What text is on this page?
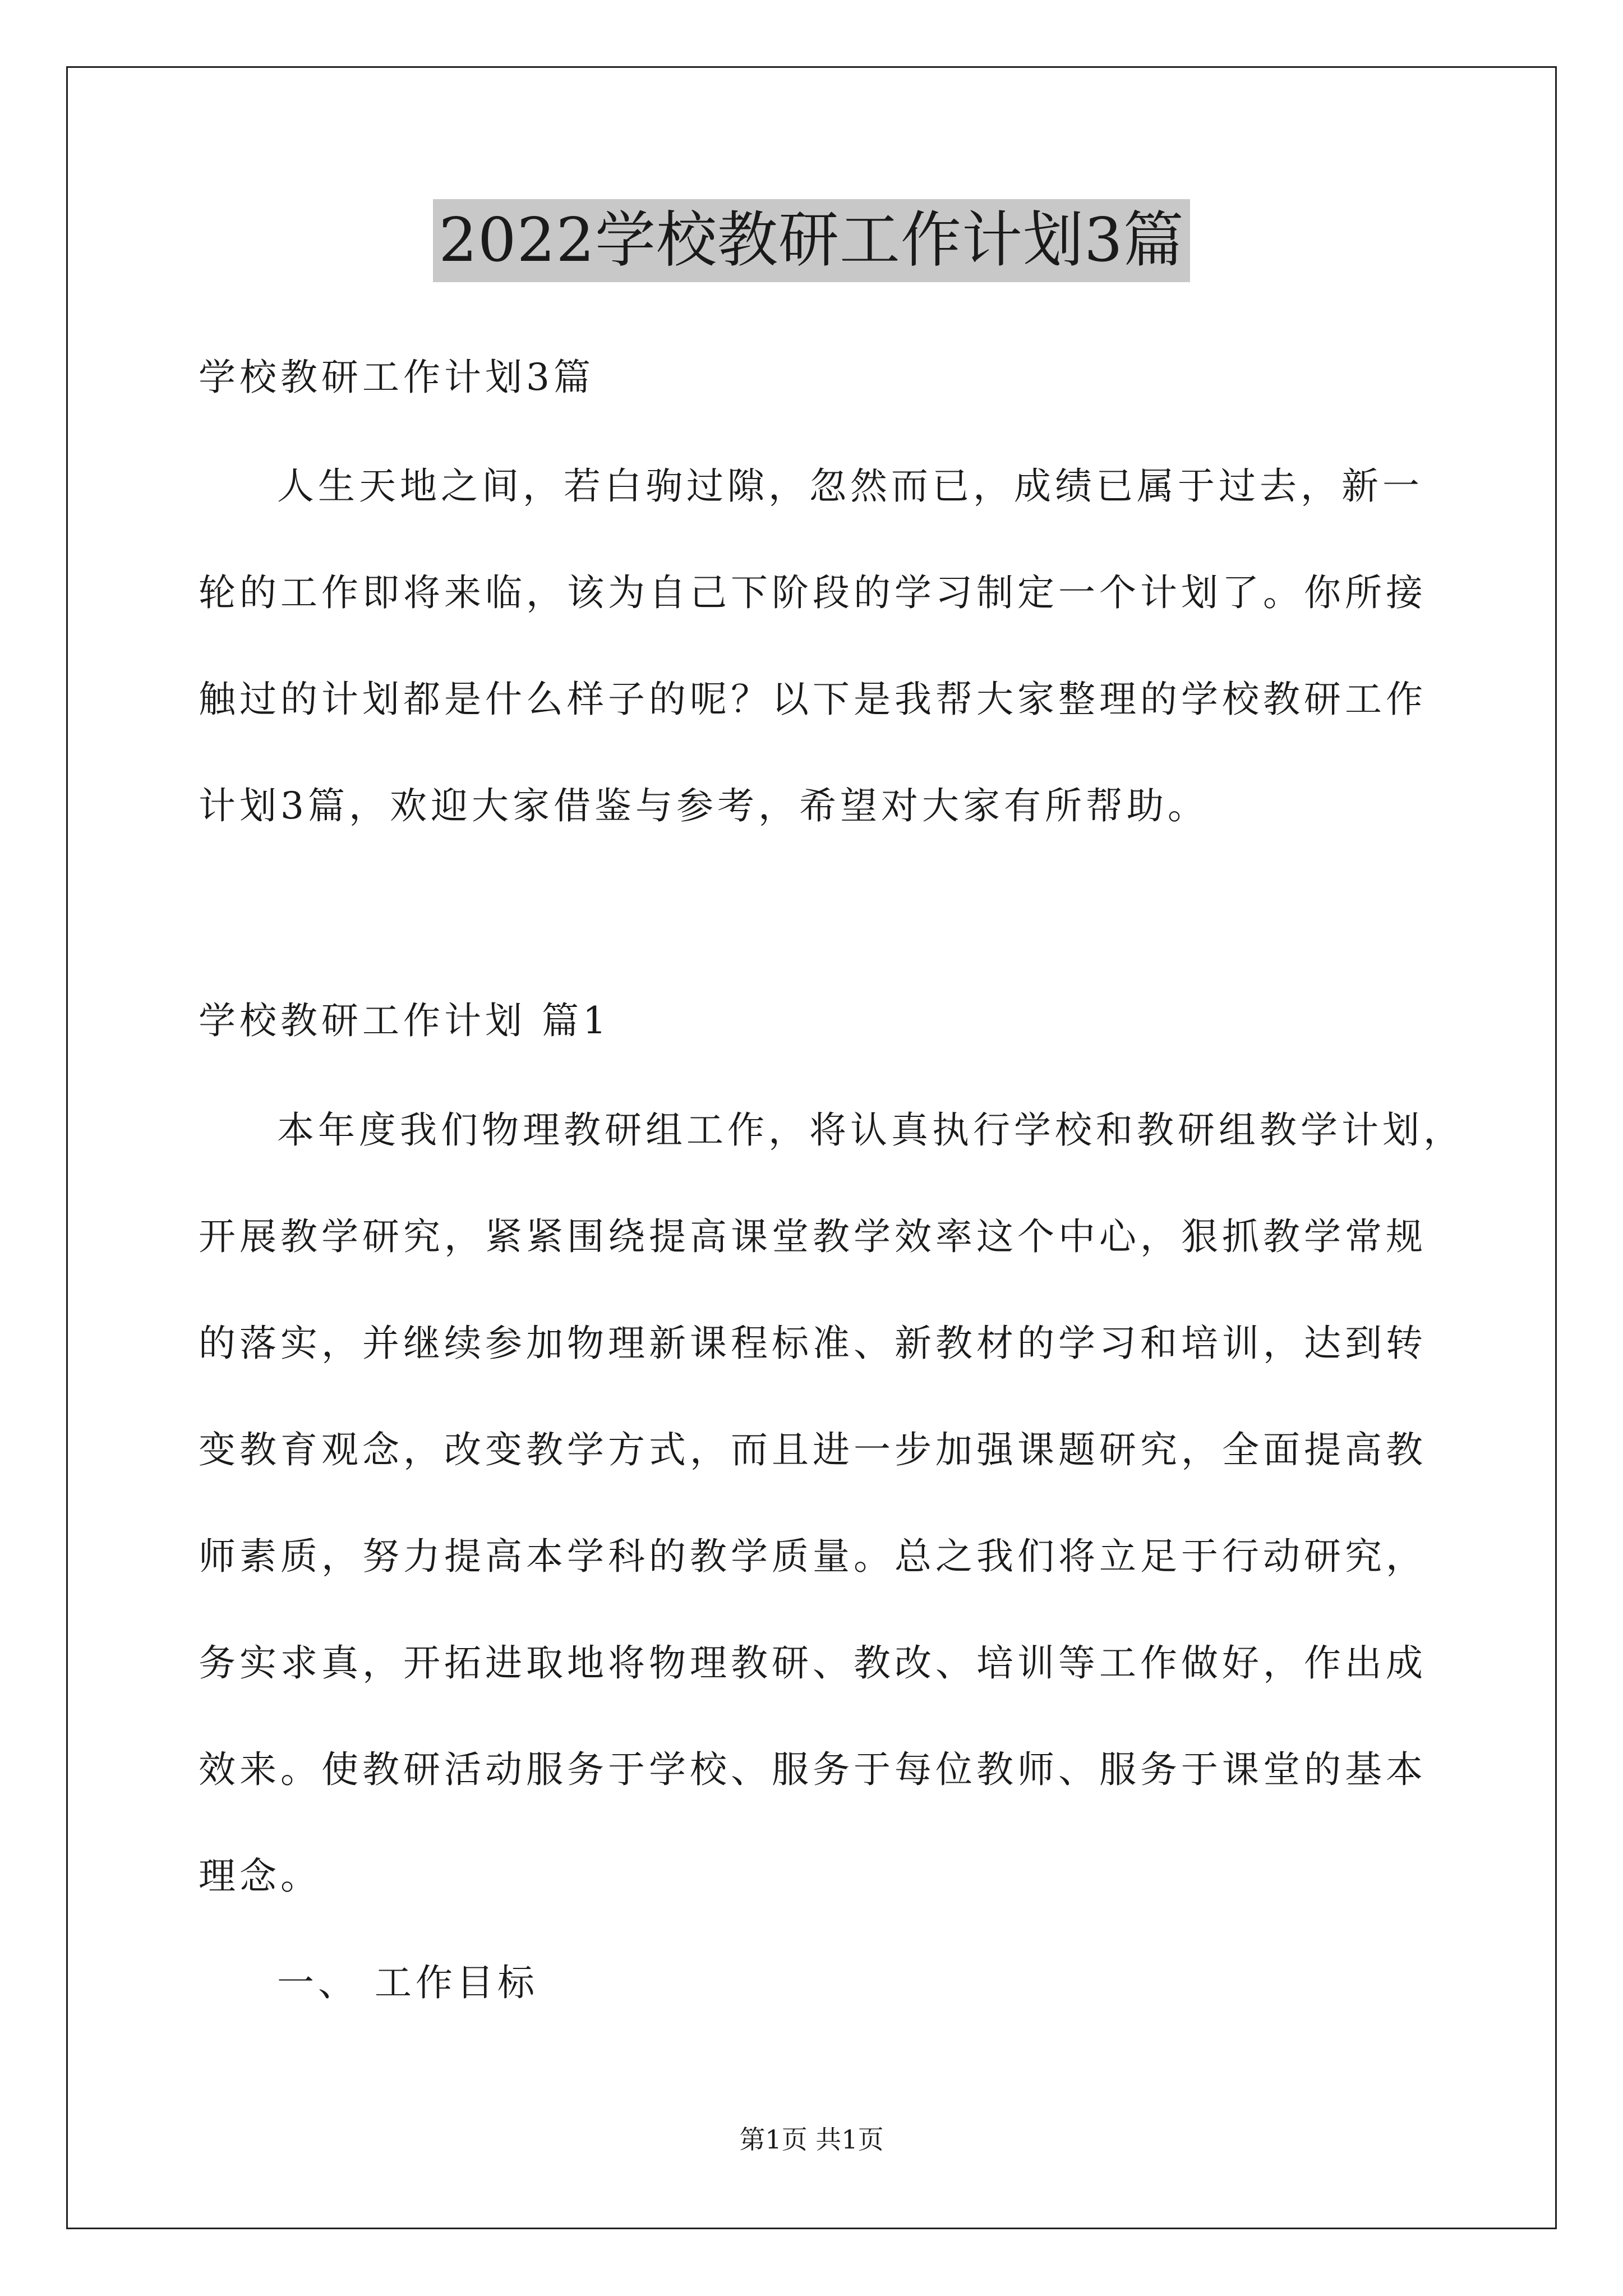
2022学校教研工作计划3篇
学校教研工作计划3篇
人生天地之间，若白驹过隙，忽然而已，成绩已属于过去，新一
轮的工作即将来临，该为自己下阶段的学习制定一个计划了。你所接
触过的计划都是什么样子的呢？以下是我帮大家整理的学校教研工作
计划3篇，欢迎大家借鉴与参考，希望对大家有所帮助。
学校教研工作计划 篇1
本年度我们物理教研组工作，将认真执行学校和教研组教学计划，
开展教学研究，紧紧围绕提高课堂教学效率这个中心，狠抓教学常规
的落实，并继续参加物理新课程标准、新教材的学习和培训，达到转
变教育观念，改变教学方式，而且进一步加强课题研究，全面提高教
师素质，努力提高本学科的教学质量。总之我们将立足于行动研究，
务实求真，开拓进取地将物理教研、教改、培训等工作做好，作出成
效来。使教研活动服务于学校、服务于每位教师、服务于课堂的基本
理念。
一、 工作目标
第1页 共1页
